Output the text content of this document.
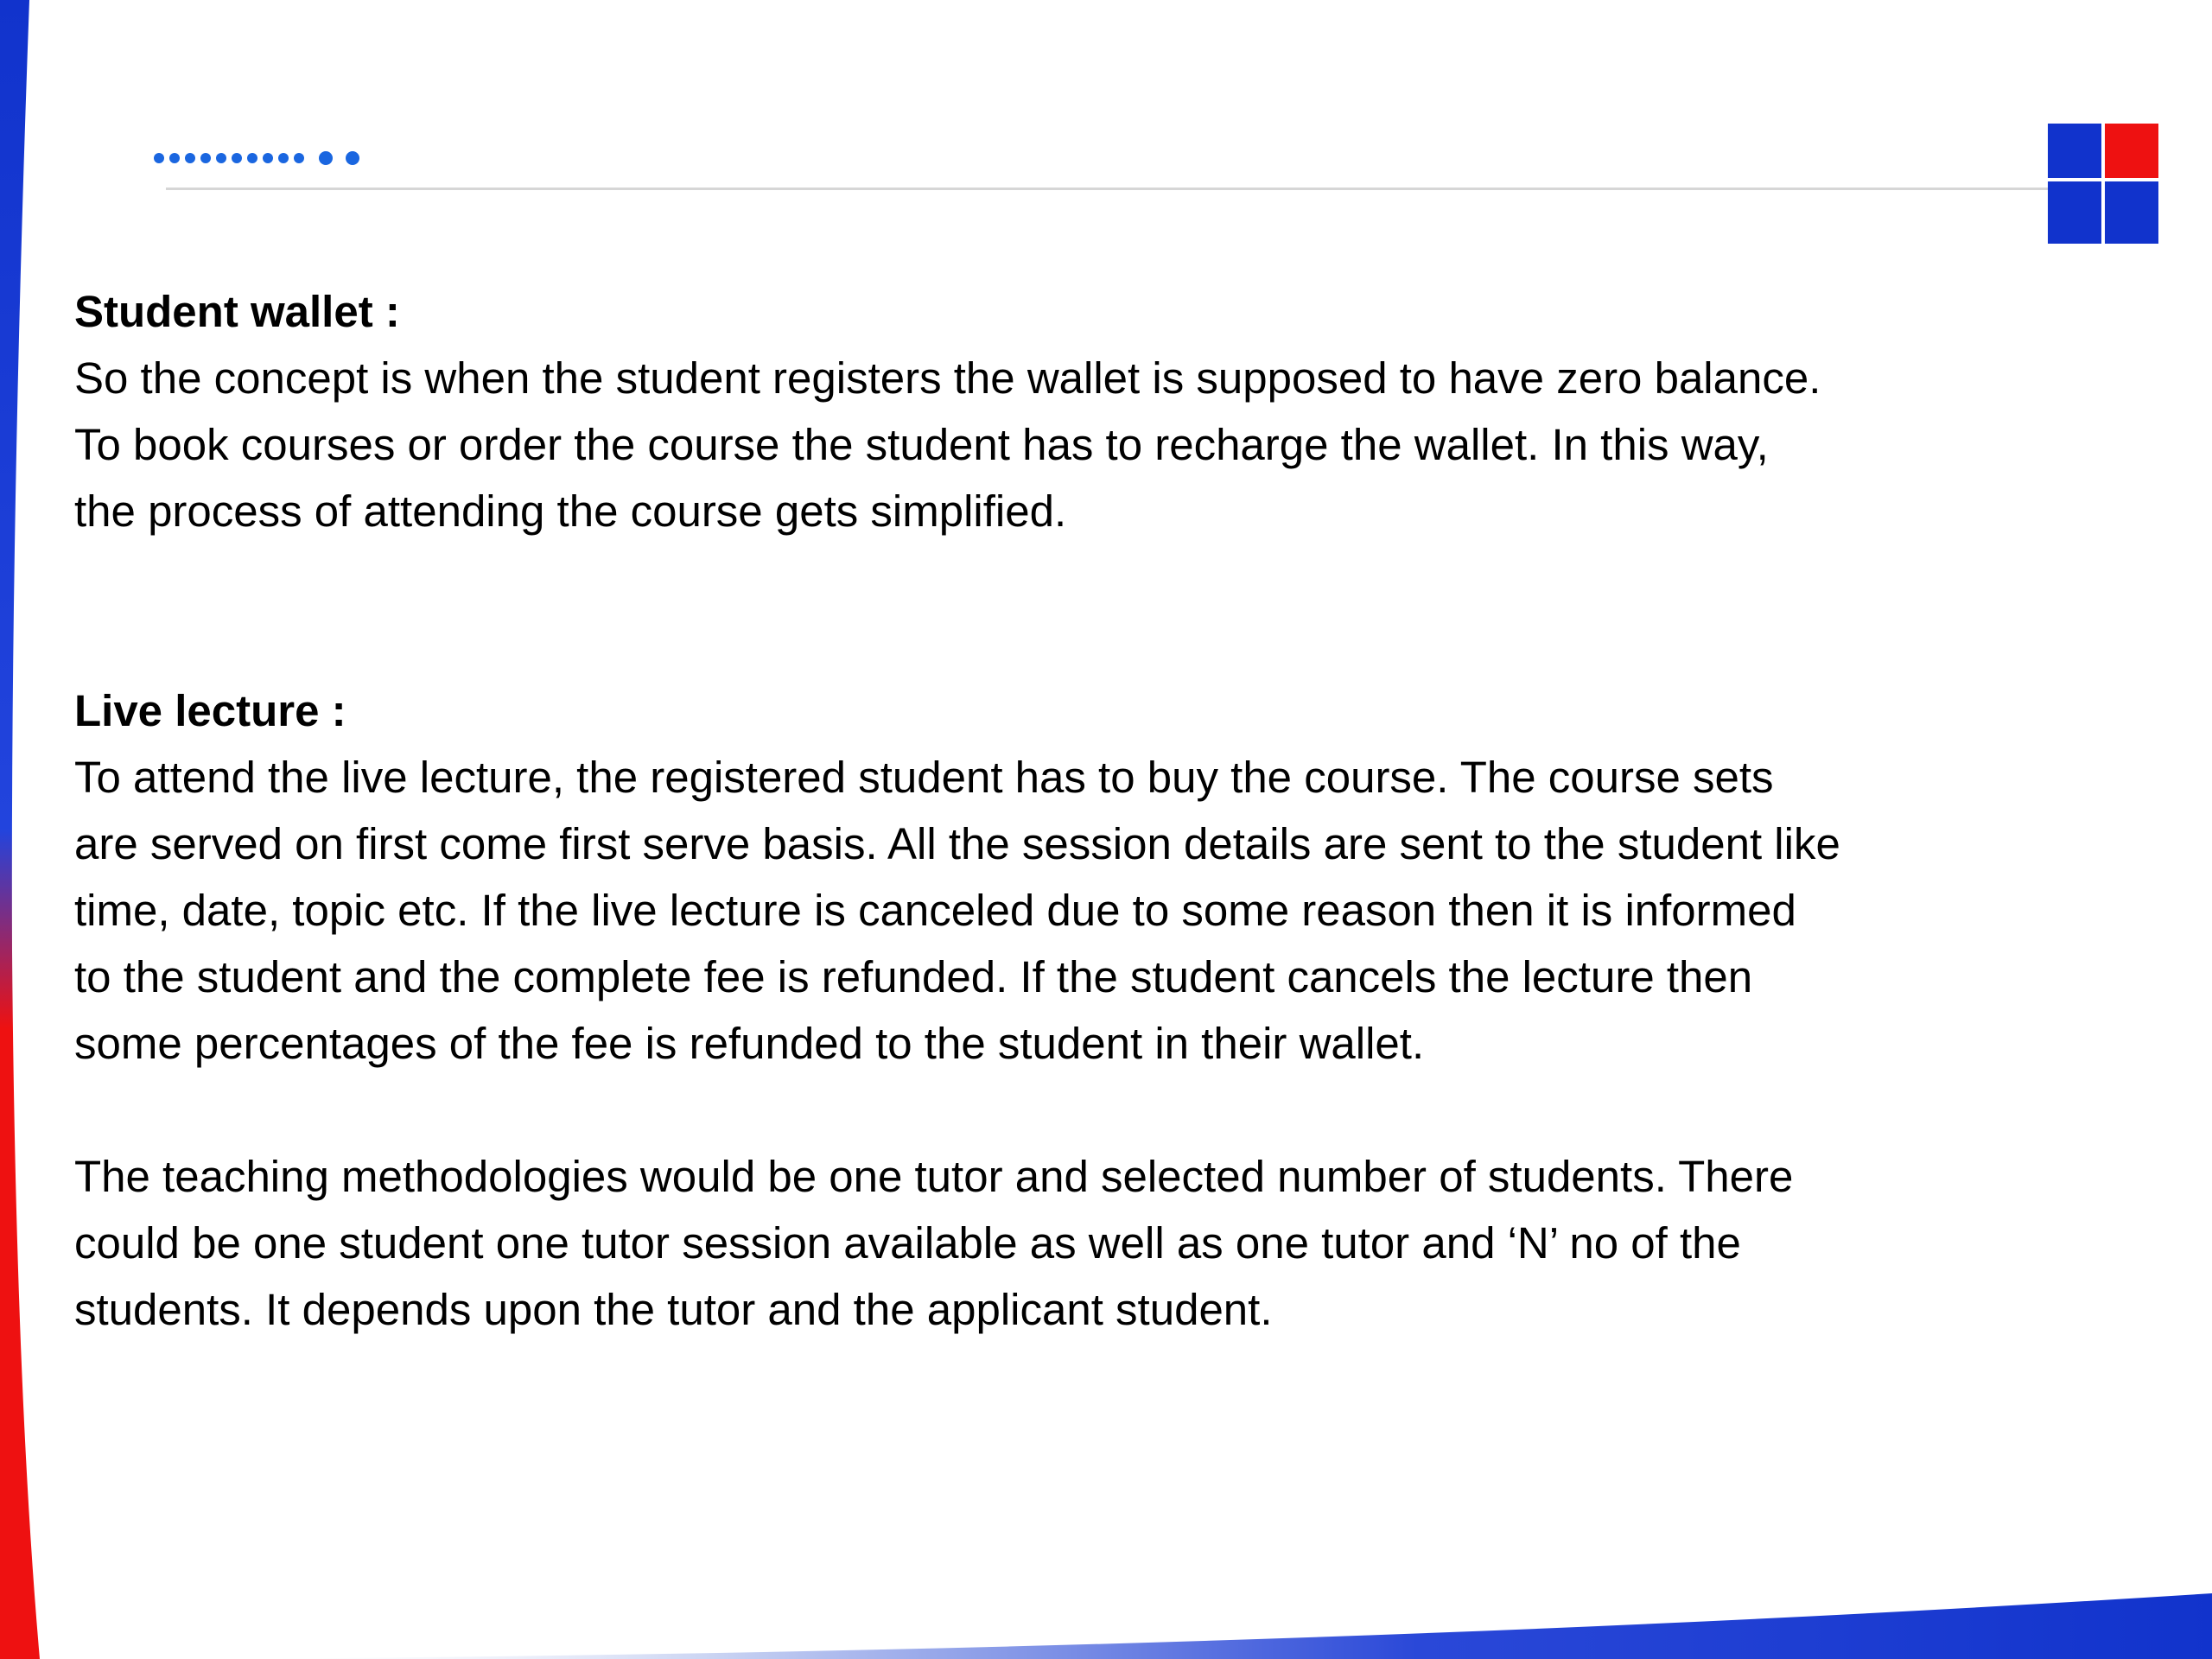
Student wallet :

So the concept is when the student registers the wallet is supposed to have zero balance.
To book courses or order the course the student has to recharge the wallet. In this way,
the process of attending the course gets simplified.

Live lecture :

To attend the live lecture, the registered student has to buy the course. The course sets
are served on first come first serve basis. All the session details are sent to the student like
time, date, topic etc. If the live lecture is canceled due to some reason then it is informed
to the student and the complete fee is refunded. If the student cancels the lecture then
some percentages of the fee is refunded to the student in their wallet.

The teaching methodologies would be one tutor and selected number of students. There
could be one student one tutor session available as well as one tutor and ‘N’ no of the
students. It depends upon the tutor and the applicant student.
